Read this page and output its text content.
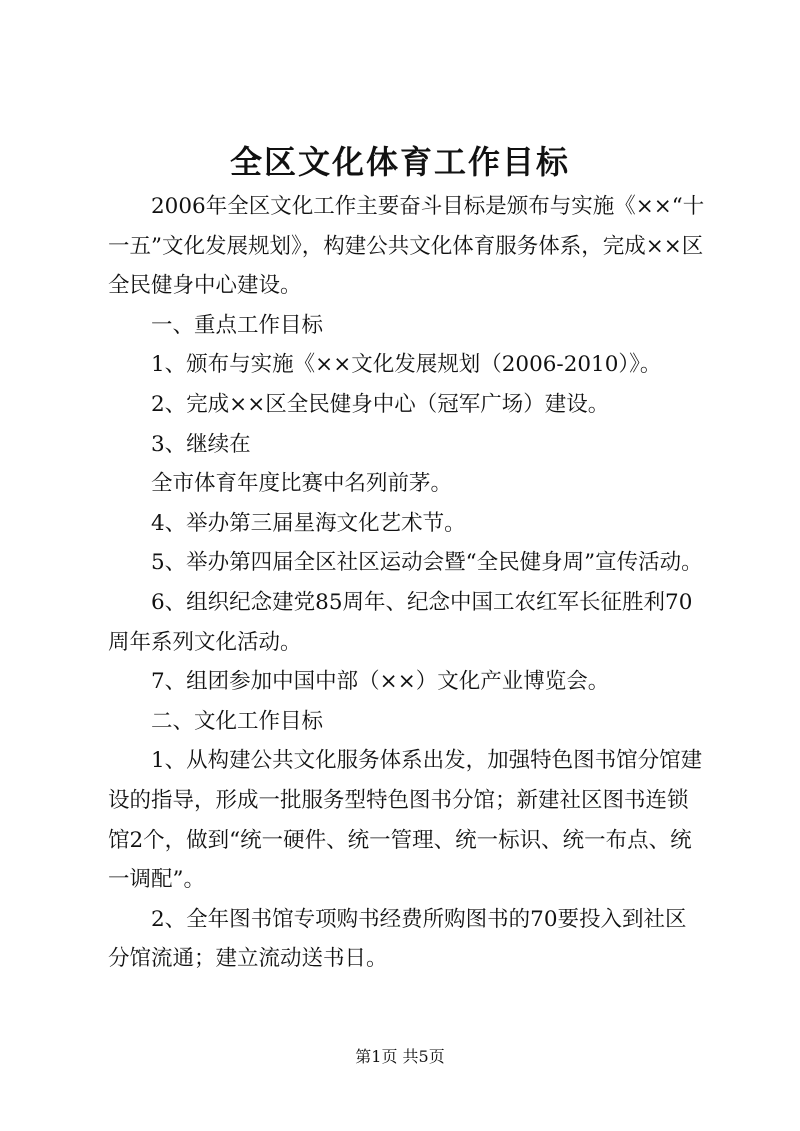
全区文化体育工作目标

2006年全区文化工作主要奋斗目标是颁布与实施《××“十一五”文化发展规划》，构建公共文化体育服务体系，完成××区全民健身中心建设。

一、重点工作目标

1、颁布与实施《××文化发展规划（2006-2010）》。

2、完成××区全民健身中心（冠军广场）建设。

3、继续在

全市体育年度比赛中名列前茅。

4、举办第三届星海文化艺术节。

5、举办第四届全区社区运动会暨“全民健身周”宣传活动。

6、组织纪念建党85周年、纪念中国工农红军长征胜利70周年系列文化活动。

7、组团参加中国中部（××）文化产业博览会。

二、文化工作目标

1、从构建公共文化服务体系出发，加强特色图书馆分馆建设的指导，形成一批服务型特色图书分馆；新建社区图书连锁馆2个，做到“统一硬件、统一管理、统一标识、统一布点、统一调配”。

2、全年图书馆专项购书经费所购图书的70要投入到社区分馆流通；建立流动送书日。

第1页 共5页
